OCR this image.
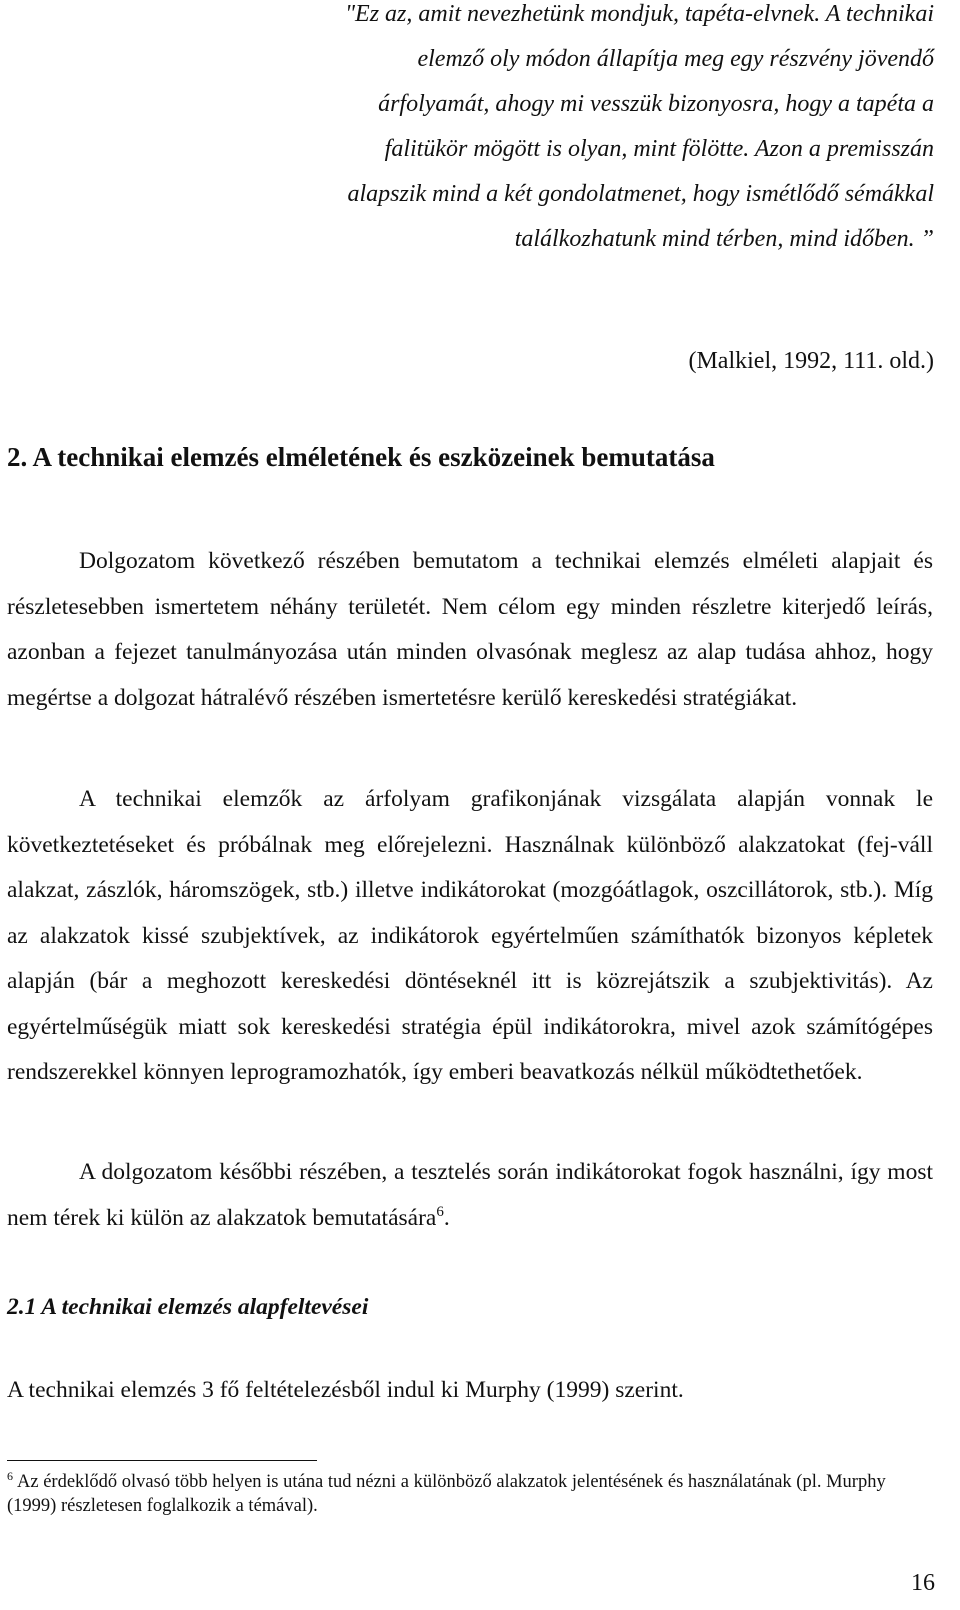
"Ez az, amit nevezhetünk mondjuk, tapéta-elvnek. A technikai elemző oly módon állapítja meg egy részvény jövendő árfolyamát, ahogy mi vesszük bizonyosra, hogy a tapéta a falitükör mögött is olyan, mint fölötte. Azon a premisszán alapszik mind a két gondolatmenet, hogy ismétlődő sémákkal találkozhatunk mind térben, mind időben. ”
(Malkiel, 1992, 111. old.)
2. A technikai elemzés elméletének és eszközeinek bemutatása
Dolgozatom következő részében bemutatom a technikai elemzés elméleti alapjait és részletesebben ismertetem néhány területét. Nem célom egy minden részletre kiterjedő leírás, azonban a fejezet tanulmányozása után minden olvasónak meglesz az alap tudása ahhoz, hogy megértse a dolgozat hátralévő részében ismertetésre kerülő kereskedési stratégiákat.
A technikai elemzők az árfolyam grafikonjának vizsgálata alapján vonnak le következtetéseket és próbálnak meg előrejelezni. Használnak különböző alakzatokat (fej-váll alakzat, zászlók, háromszögek, stb.) illetve indikátorokat (mozgóátlagok, oszcillátorok, stb.). Míg az alakzatok kissé szubjektívek, az indikátorok egyértelműen számíthatók bizonyos képletek alapján (bár a meghozott kereskedési döntéseknél itt is közrejátszik a szubjektivitás). Az egyértelműségük miatt sok kereskedési stratégia épül indikátorokra, mivel azok számítógépes rendszerekkel könnyen leprogramozhatók, így emberi beavatkozás nélkül működtethetőek.
A dolgozatom későbbi részében, a tesztelés során indikátorokat fogok használni, így most nem térek ki külön az alakzatok bemutatására$^6$.
2.1 A technikai elemzés alapfeltevései
A technikai elemzés 3 fő feltételezésből indul ki Murphy (1999) szerint.
$^6$ Az érdeklődő olvasó több helyen is utána tud nézni a különböző alakzatok jelentésének és használatának (pl. Murphy (1999) részletesen foglalkozik a témával).
16
